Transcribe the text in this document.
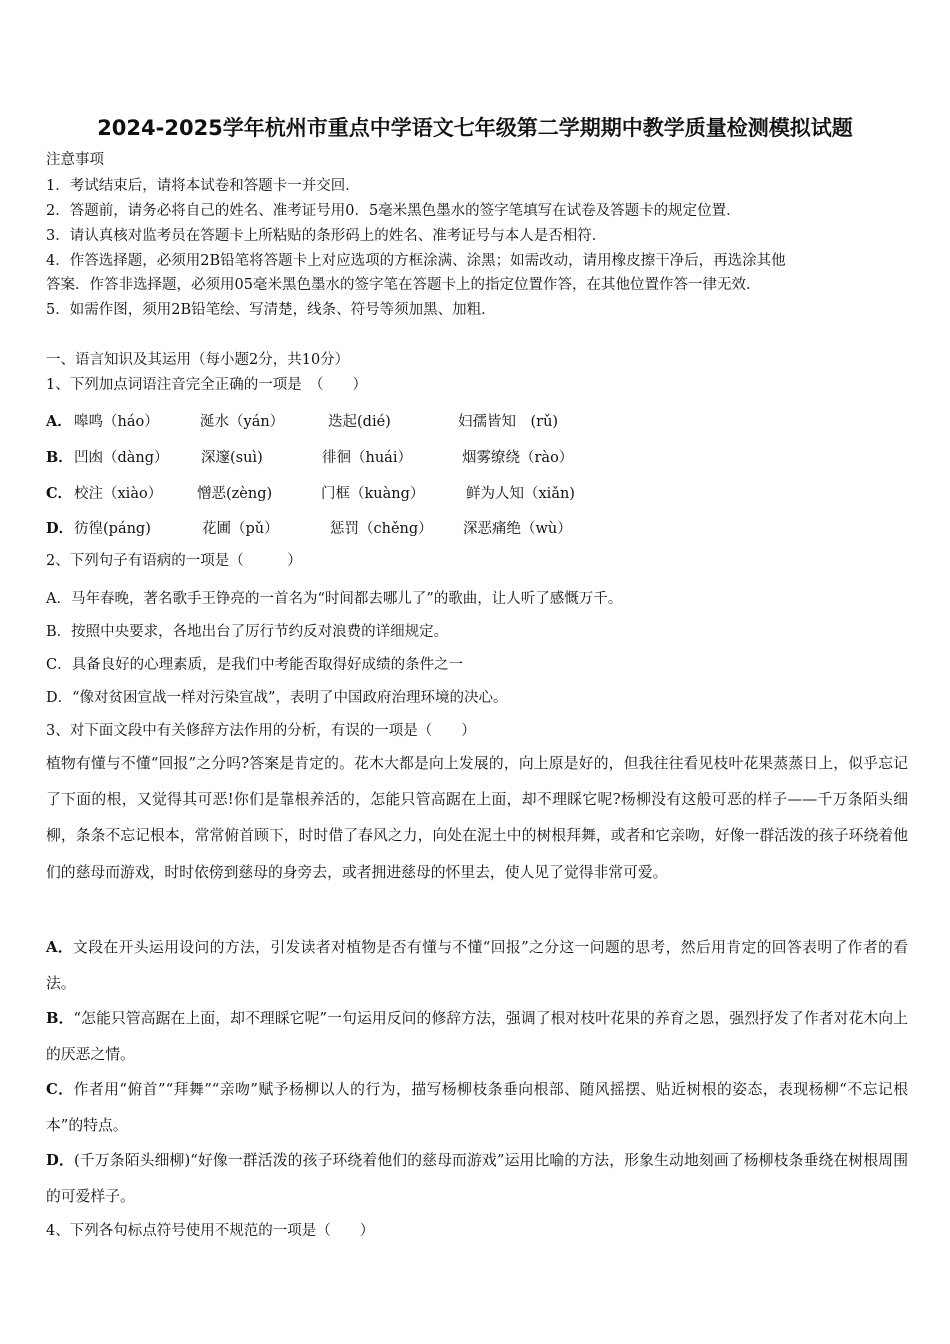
2024-2025学年杭州市重点中学语文七年级第二学期期中教学质量检测模拟试题
注意事项
1．考试结束后，请将本试卷和答题卡一并交回．
2．答题前，请务必将自己的姓名、准考证号用0．5毫米黑色墨水的签字笔填写在试卷及答题卡的规定位置．
3．请认真核对监考员在答题卡上所粘贴的条形码上的姓名、准考证号与本人是否相符．
4．作答选择题，必须用2B铅笔将答题卡上对应选项的方框涂满、涂黑；如需改动，请用橡皮擦干净后，再选涂其他
答案．作答非选择题，必须用05毫米黑色墨水的签字笔在答题卡上的指定位置作答，在其他位置作答一律无效．
5．如需作图，须用2B铅笔绘、写清楚，线条、符号等须加黑、加粗．
一、语言知识及其运用（每小题2分，共10分）
1、下列加点词语注音完全正确的一项是　（　　）
A． 嗥鸣（háo）	涎水（yán）	迭起(dié)	妇孺皆知　(rǔ)
B． 凹凼（dàng） 深邃(suì)	徘徊（huái）	烟雾缭绕（rào）
C． 校注（xiào） 憎恶(zèng)	门框（kuàng）	鲜为人知（xiǎn)
D． 彷徨(páng)	花圃（pǔ）	惩罚（chěng） 深恶痛绝（wù）
2、下列句子有语病的一项是（　　　）
A．马年春晚，著名歌手王铮亮的一首名为“时间都去哪儿了”的歌曲，让人听了感慨万千。
B．按照中央要求，各地出台了厉行节约反对浪费的详细规定。
C．具备良好的心理素质，是我们中考能否取得好成绩的条件之一
D．“像对贫困宣战一样对污染宣战”，表明了中国政府治理环境的决心。
3、对下面文段中有关修辞方法作用的分析，有误的一项是（　　）
植物有懂与不懂“回报”之分吗?答案是肯定的。花木大都是向上发展的，向上原是好的，但我往往看见枝叶花果蒸蒸日上，似乎忘记了下面的根，又觉得其可恶!你们是靠根养活的，怎能只管高踞在上面，却不理睬它呢?杨柳没有这般可恶的样子——千万条陌头细柳，条条不忘记根本，常常俯首顾下，时时借了春风之力，向处在泥土中的树根拜舞，或者和它亲吻，好像一群活泼的孩子环绕着他们的慈母而游戏，时时依傍到慈母的身旁去，或者拥进慈母的怀里去，使人见了觉得非常可爱。
A．文段在开头运用设问的方法，引发读者对植物是否有懂与不懂“回报”之分这一问题的思考，然后用肯定的回答表明了作者的看法。
B．“怎能只管高踞在上面，却不理睬它呢”一句运用反问的修辞方法，强调了根对枝叶花果的养育之恩，强烈抒发了作者对花木向上的厌恶之情。
C．作者用“俯首”“拜舞”“亲吻”赋予杨柳以人的行为，描写杨柳枝条垂向根部、随风摇摆、贴近树根的姿态，表现杨柳“不忘记根本”的特点。
D．(千万条陌头细柳)“好像一群活泼的孩子环绕着他们的慈母而游戏”运用比喻的方法，形象生动地刻画了杨柳枝条垂绕在树根周围的可爱样子。
4、下列各句标点符号使用不规范的一项是（　　）
